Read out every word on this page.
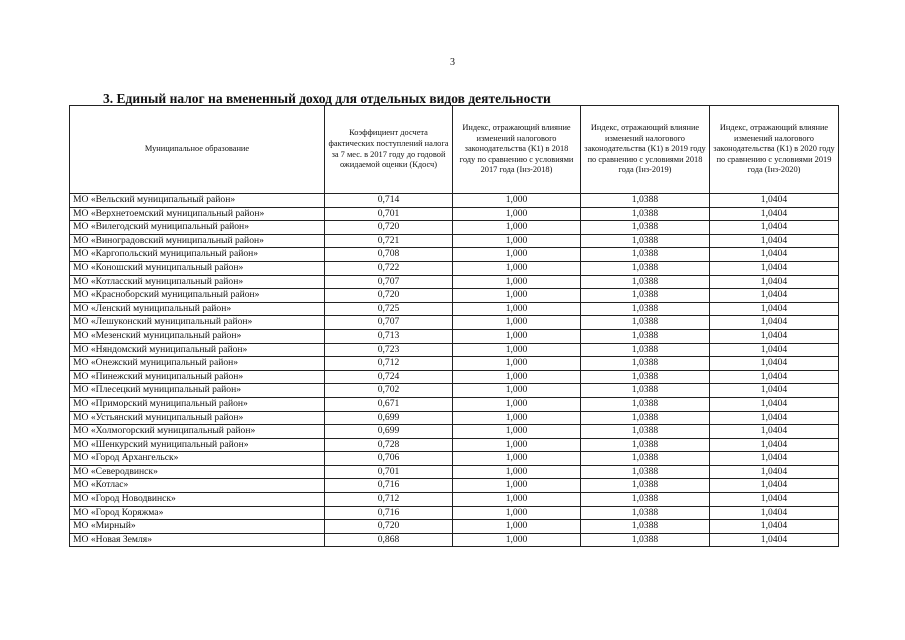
3
3. Единый налог на вмененный доход для отдельных видов деятельности
Муниципальное образование	Коэффициент досчета фактических поступлений налога за 7 мес. в 2017 году до годовой ожидаемой оценки (Кдосч)	Индекс, отражающий влияние изменений налогового законодательства (К1) в 2018 году по сравнению с условиями 2017 года (Iнз-2018)	Индекс, отражающий влияние изменений налогового законодательства (К1) в 2019 году по сравнению с условиями 2018 года (Iнз-2019)	Индекс, отражающий влияние изменений налогового законодательства (К1) в 2020 году по сравнению с условиями 2019 года (Iнз-2020)
МО «Вельский муниципальный район»	0,714	1,000	1,0388	1,0404
МО «Верхнетоемский муниципальный район»	0,701	1,000	1,0388	1,0404
МО «Вилегодский муниципальный район»	0,720	1,000	1,0388	1,0404
МО «Виноградовский муниципальный район»	0,721	1,000	1,0388	1,0404
МО «Каргопольский муниципальный район»	0,708	1,000	1,0388	1,0404
МО «Коношский муниципальный район»	0,722	1,000	1,0388	1,0404
МО «Котласский муниципальный район»	0,707	1,000	1,0388	1,0404
МО «Красноборский муниципальный район»	0,720	1,000	1,0388	1,0404
МО «Ленский муниципальный район»	0,725	1,000	1,0388	1,0404
МО «Лешуконский муниципальный район»	0,707	1,000	1,0388	1,0404
МО «Мезенский муниципальный район»	0,713	1,000	1,0388	1,0404
МО «Няндомский муниципальный район»	0,723	1,000	1,0388	1,0404
МО «Онежский муниципальный район»	0,712	1,000	1,0388	1,0404
МО «Пинежский муниципальный район»	0,724	1,000	1,0388	1,0404
МО «Плесецкий муниципальный район»	0,702	1,000	1,0388	1,0404
МО «Приморский муниципальный район»	0,671	1,000	1,0388	1,0404
МО «Устьянский муниципальный район»	0,699	1,000	1,0388	1,0404
МО «Холмогорский муниципальный район»	0,699	1,000	1,0388	1,0404
МО «Шенкурский муниципальный район»	0,728	1,000	1,0388	1,0404
МО «Город Архангельск»	0,706	1,000	1,0388	1,0404
МО «Северодвинск»	0,701	1,000	1,0388	1,0404
МО «Котлас»	0,716	1,000	1,0388	1,0404
МО «Город Новодвинск»	0,712	1,000	1,0388	1,0404
МО «Город Коряжма»	0,716	1,000	1,0388	1,0404
МО «Мирный»	0,720	1,000	1,0388	1,0404
МО «Новая Земля»	0,868	1,000	1,0388	1,0404
